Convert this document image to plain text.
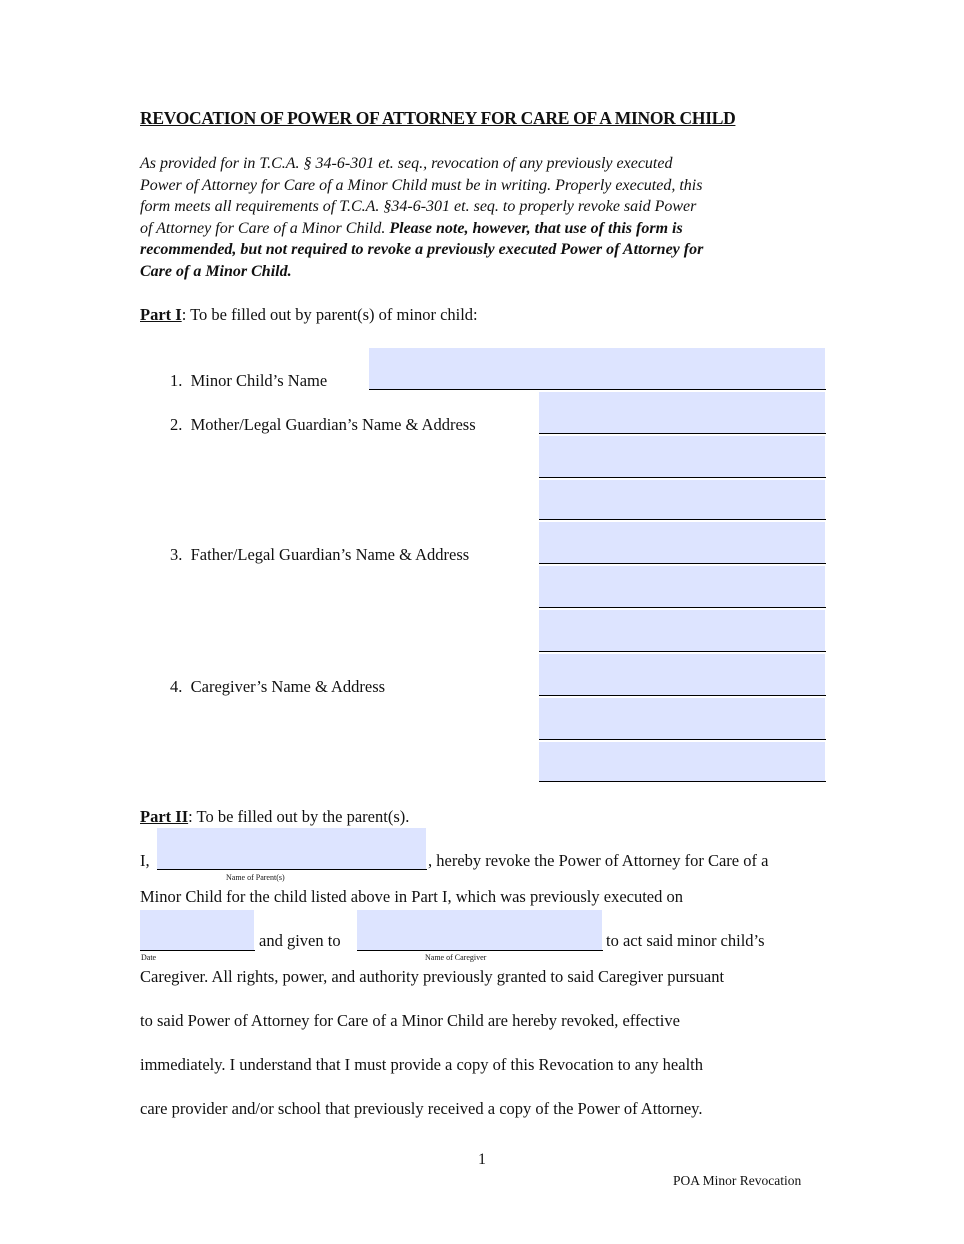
REVOCATION OF POWER OF ATTORNEY FOR CARE OF A MINOR CHILD
As provided for in T.C.A. § 34-6-301 et. seq., revocation of any previously executed
Power of Attorney for Care of a Minor Child must be in writing. Properly executed, this
form meets all requirements of T.C.A. §34-6-301 et. seq. to properly revoke said Power
of Attorney for Care of a Minor Child. Please note, however, that use of this form is
recommended, but not required to revoke a previously executed Power of Attorney for
Care of a Minor Child.
Part I: To be filled out by parent(s) of minor child:
1. Minor Child’s Name
2. Mother/Legal Guardian’s Name & Address
3. Father/Legal Guardian’s Name & Address
4. Caregiver’s Name & Address
Part II: To be filled out by the parent(s).
I,	, hereby revoke the Power of Attorney for Care of a
Name of Parent(s)
Minor Child for the child listed above in Part I, which was previously executed on
and given to	to act said minor child’s
Date	Name of Caregiver
Caregiver. All rights, power, and authority previously granted to said Caregiver pursuant
to said Power of Attorney for Care of a Minor Child are hereby revoked, effective
immediately. I understand that I must provide a copy of this Revocation to any health
care provider and/or school that previously received a copy of the Power of Attorney.
1
POA Minor Revocation
